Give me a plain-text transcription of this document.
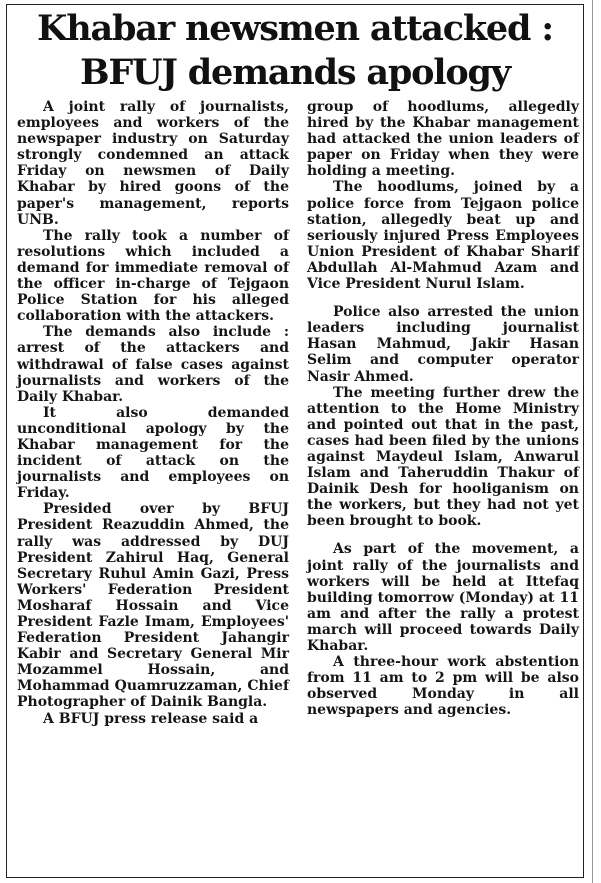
Khabar newsmen attacked :
BFUJ demands apology

A joint rally of journalists, employees and workers of the newspaper industry on Saturday strongly condemned an attack Friday on newsmen of Daily Khabar by hired goons of the paper's management, reports UNB.

The rally took a number of resolutions which included a demand for immediate removal of the officer in-charge of Tejgaon Police Station for his alleged collaboration with the attackers.

The demands also include : arrest of the attackers and withdrawal of false cases against journalists and workers of the Daily Khabar.

It also demanded unconditional apology by the Khabar management for the incident of attack on the journalists and employees on Friday.

Presided over by BFUJ President Reazuddin Ahmed, the rally was addressed by DUJ President Zahirul Haq, General Secretary Ruhul Amin Gazi, Press Workers' Federation President Mosharaf Hossain and Vice President Fazle Imam, Employees' Federation President Jahangir Kabir and Secretary General Mir Mozammel Hossain, and Mohammad Quamruzzaman, Chief Photographer of Dainik Bangla.

A BFUJ press release said a

group of hoodlums, allegedly hired by the Khabar management had attacked the union leaders of paper on Friday when they were holding a meeting.

The hoodlums, joined by a police force from Tejgaon police station, allegedly beat up and seriously injured Press Employees Union President of Khabar Sharif Abdullah Al-Mahmud Azam and Vice President Nurul Islam.

Police also arrested the union leaders including journalist Hasan Mahmud, Jakir Hasan Selim and computer operator Nasir Ahmed.

The meeting further drew the attention to the Home Ministry and pointed out that in the past, cases had been filed by the unions against Maydeul Islam, Anwarul Islam and Taheruddin Thakur of Dainik Desh for hooliganism on the workers, but they had not yet been brought to book.

As part of the movement, a joint rally of the journalists and workers will be held at Ittefaq building tomorrow (Monday) at 11 am and after the rally a protest march will proceed towards Daily Khabar.

A three-hour work abstention from 11 am to 2 pm will be also observed Monday in all newspapers and agencies.
